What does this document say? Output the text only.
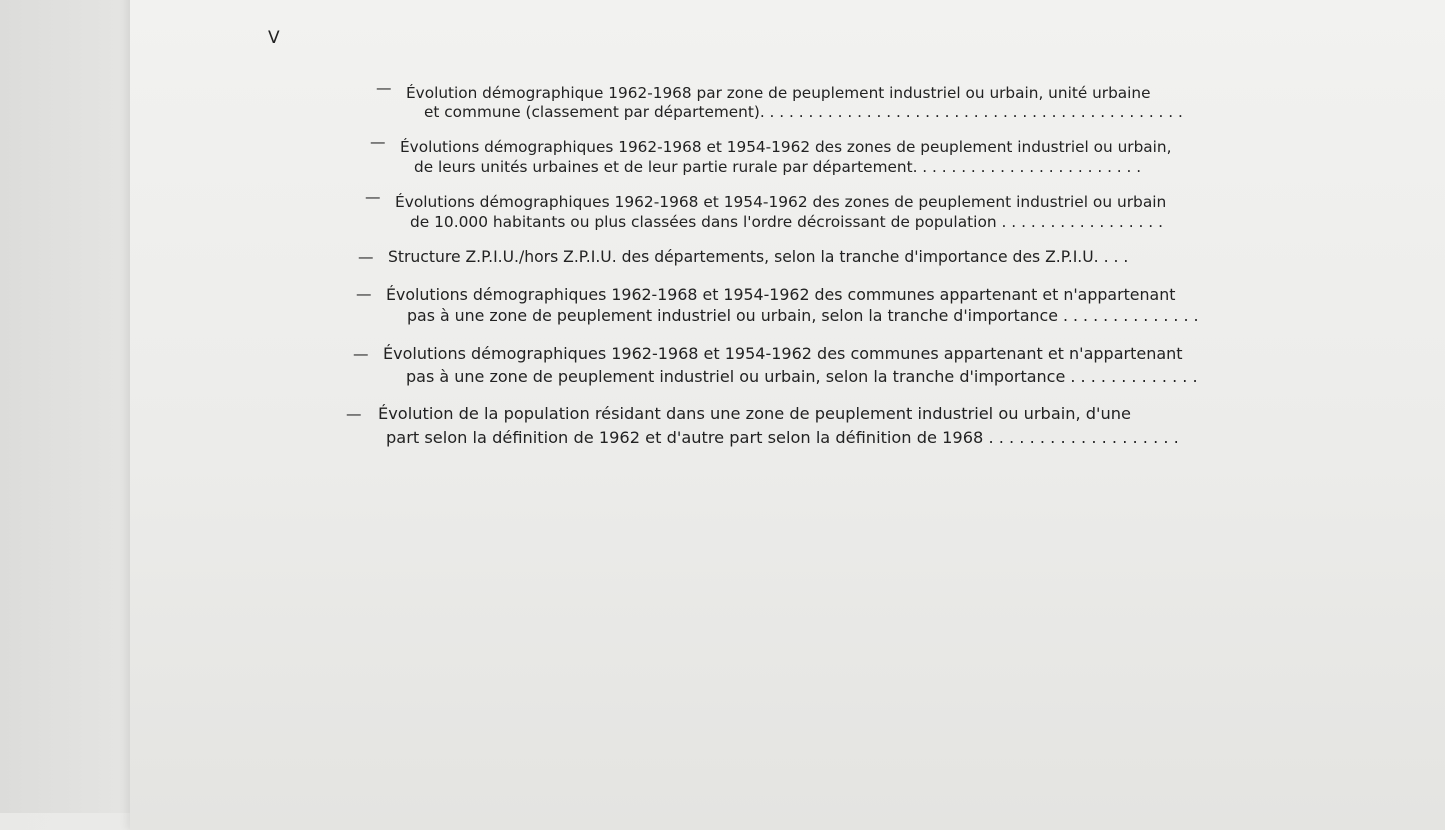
V
— Évolution démographique 1962-1968 par zone de peuplement industriel ou urbain, unité urbaine
et commune (classement par département). . . . . . . . . . . . . . . . . . . . . . . . . . . . . . . . . . . . . . . . . . . .
— Évolutions démographiques 1962-1968 et 1954-1962 des zones de peuplement industriel ou urbain,
de leurs unités urbaines et de leur partie rurale par département. . . . . . . . . . . . . . . . . . . . . . . .
— Évolutions démographiques 1962-1968 et 1954-1962 des zones de peuplement industriel ou urbain
de 10.000 habitants ou plus classées dans l'ordre décroissant de population . . . . . . . . . . . . . . . . .
— Structure Z.P.I.U./hors Z.P.I.U. des départements, selon la tranche d'importance des Z.P.I.U. . . .
— Évolutions démographiques 1962-1968 et 1954-1962 des communes appartenant et n'appartenant
pas à une zone de peuplement industriel ou urbain, selon la tranche d'importance . . . . . . . . . . . . . .
— Évolutions démographiques 1962-1968 et 1954-1962 des communes appartenant et n'appartenant
pas à une zone de peuplement industriel ou urbain, selon la tranche d'importance . . . . . . . . . . . . .
— Évolution de la population résidant dans une zone de peuplement industriel ou urbain, d'une
part selon la définition de 1962 et d'autre part selon la définition de 1968 . . . . . . . . . . . . . . . . . . .
